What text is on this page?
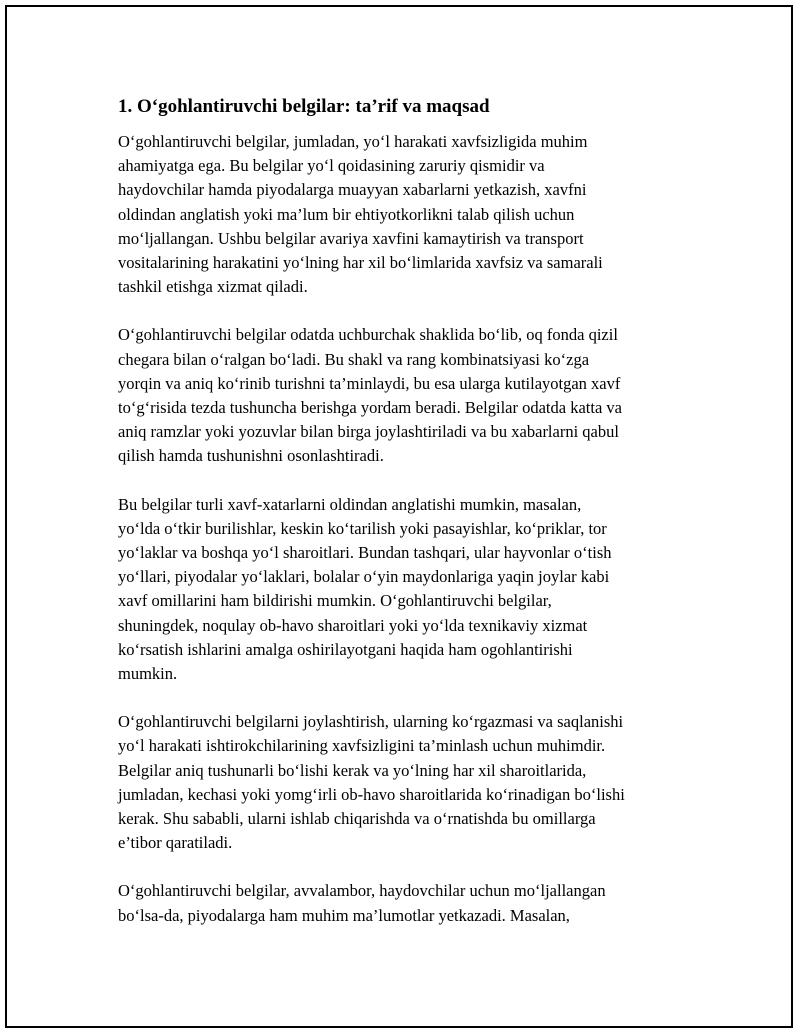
1. O‘gohlantiruvchi belgilar: ta’rif va maqsad

O‘gohlantiruvchi belgilar, jumladan, yo‘l harakati xavfsizligida muhim
ahamiyatga ega. Bu belgilar yo‘l qoidasining zaruriy qismidir va
haydovchilar hamda piyodalarga muayyan xabarlarni yetkazish, xavfni
oldindan anglatish yoki ma’lum bir ehtiyotkorlikni talab qilish uchun
mo‘ljallangan. Ushbu belgilar avariya xavfini kamaytirish va transport
vositalarining harakatini yo‘lning har xil bo‘limlarida xavfsiz va samarali
tashkil etishga xizmat qiladi.

O‘gohlantiruvchi belgilar odatda uchburchak shaklida bo‘lib, oq fonda qizil
chegara bilan o‘ralgan bo‘ladi. Bu shakl va rang kombinatsiyasi ko‘zga
yorqin va aniq ko‘rinib turishni ta’minlaydi, bu esa ularga kutilayotgan xavf
to‘g‘risida tezda tushuncha berishga yordam beradi. Belgilar odatda katta va
aniq ramzlar yoki yozuvlar bilan birga joylashtiriladi va bu xabarlarni qabul
qilish hamda tushunishni osonlashtiradi.

Bu belgilar turli xavf-xatarlarni oldindan anglatishi mumkin, masalan,
yo‘lda o‘tkir burilishlar, keskin ko‘tarilish yoki pasayishlar, ko‘priklar, tor
yo‘laklar va boshqa yo‘l sharoitlari. Bundan tashqari, ular hayvonlar o‘tish
yo‘llari, piyodalar yo‘laklari, bolalar o‘yin maydonlariga yaqin joylar kabi
xavf omillarini ham bildirishi mumkin. O‘gohlantiruvchi belgilar,
shuningdek, noqulay ob-havo sharoitlari yoki yo‘lda texnikaviy xizmat
ko‘rsatish ishlarini amalga oshirilayotgani haqida ham ogohlantirishi
mumkin.

O‘gohlantiruvchi belgilarni joylashtirish, ularning ko‘rgazmasi va saqlanishi
yo‘l harakati ishtirokchilarining xavfsizligini ta’minlash uchun muhimdir.
Belgilar aniq tushunarli bo‘lishi kerak va yo‘lning har xil sharoitlarida,
jumladan, kechasi yoki yomg‘irli ob-havo sharoitlarida ko‘rinadigan bo‘lishi
kerak. Shu sababli, ularni ishlab chiqarishda va o‘rnatishda bu omillarga
e’tibor qaratiladi.

O‘gohlantiruvchi belgilar, avvalambor, haydovchilar uchun mo‘ljallangan
bo‘lsa-da, piyodalarga ham muhim ma’lumotlar yetkazadi. Masalan,
